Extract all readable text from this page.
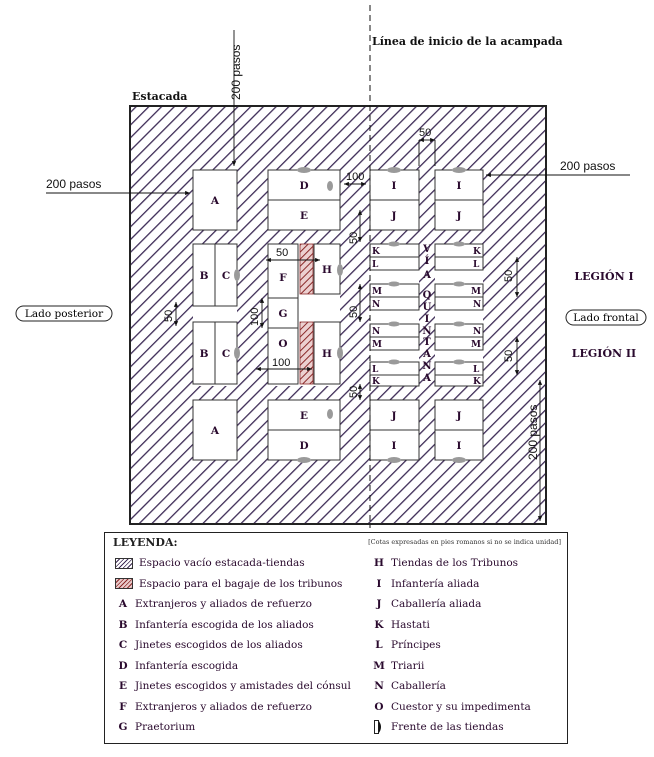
Línea de inicio de la acampada
Estacada	200 pasos
200 pasos
200 pasos
200 pasos
50
100
50
50
50
50
50
50	100
50
100
Lado posterior	Lado frontal
LEGIÓN I
LEGIÓN II
A
A
B C
B C
D
E
E
D
F
G
O
H
H
I
J
I
J
J
I
J
I
K
L
M
N
N
M
L
K
K
L
M
N
N
M
L
K
V
Í
A
Q
U
I
N
T
A
N
A
LEYENDA:	[Cotas expresadas en pies romanos si no se indica unidad]
Espacio vacío estacada-tiendas
Espacio para el bagaje de los tribunos
A Extranjeros y aliados de refuerzo
B Infantería escogida de los aliados
C Jinetes escogidos de los aliados
D Infantería escogida
E Jinetes escogidos y amistades del cónsul
F Extranjeros y aliados de refuerzo
G Praetorium
H Tiendas de los Tribunos
I Infantería aliada
J Caballería aliada
K Hastati
L Príncipes
M Triarii
N Caballería
O Cuestor y su impedimenta
Frente de las tiendas
